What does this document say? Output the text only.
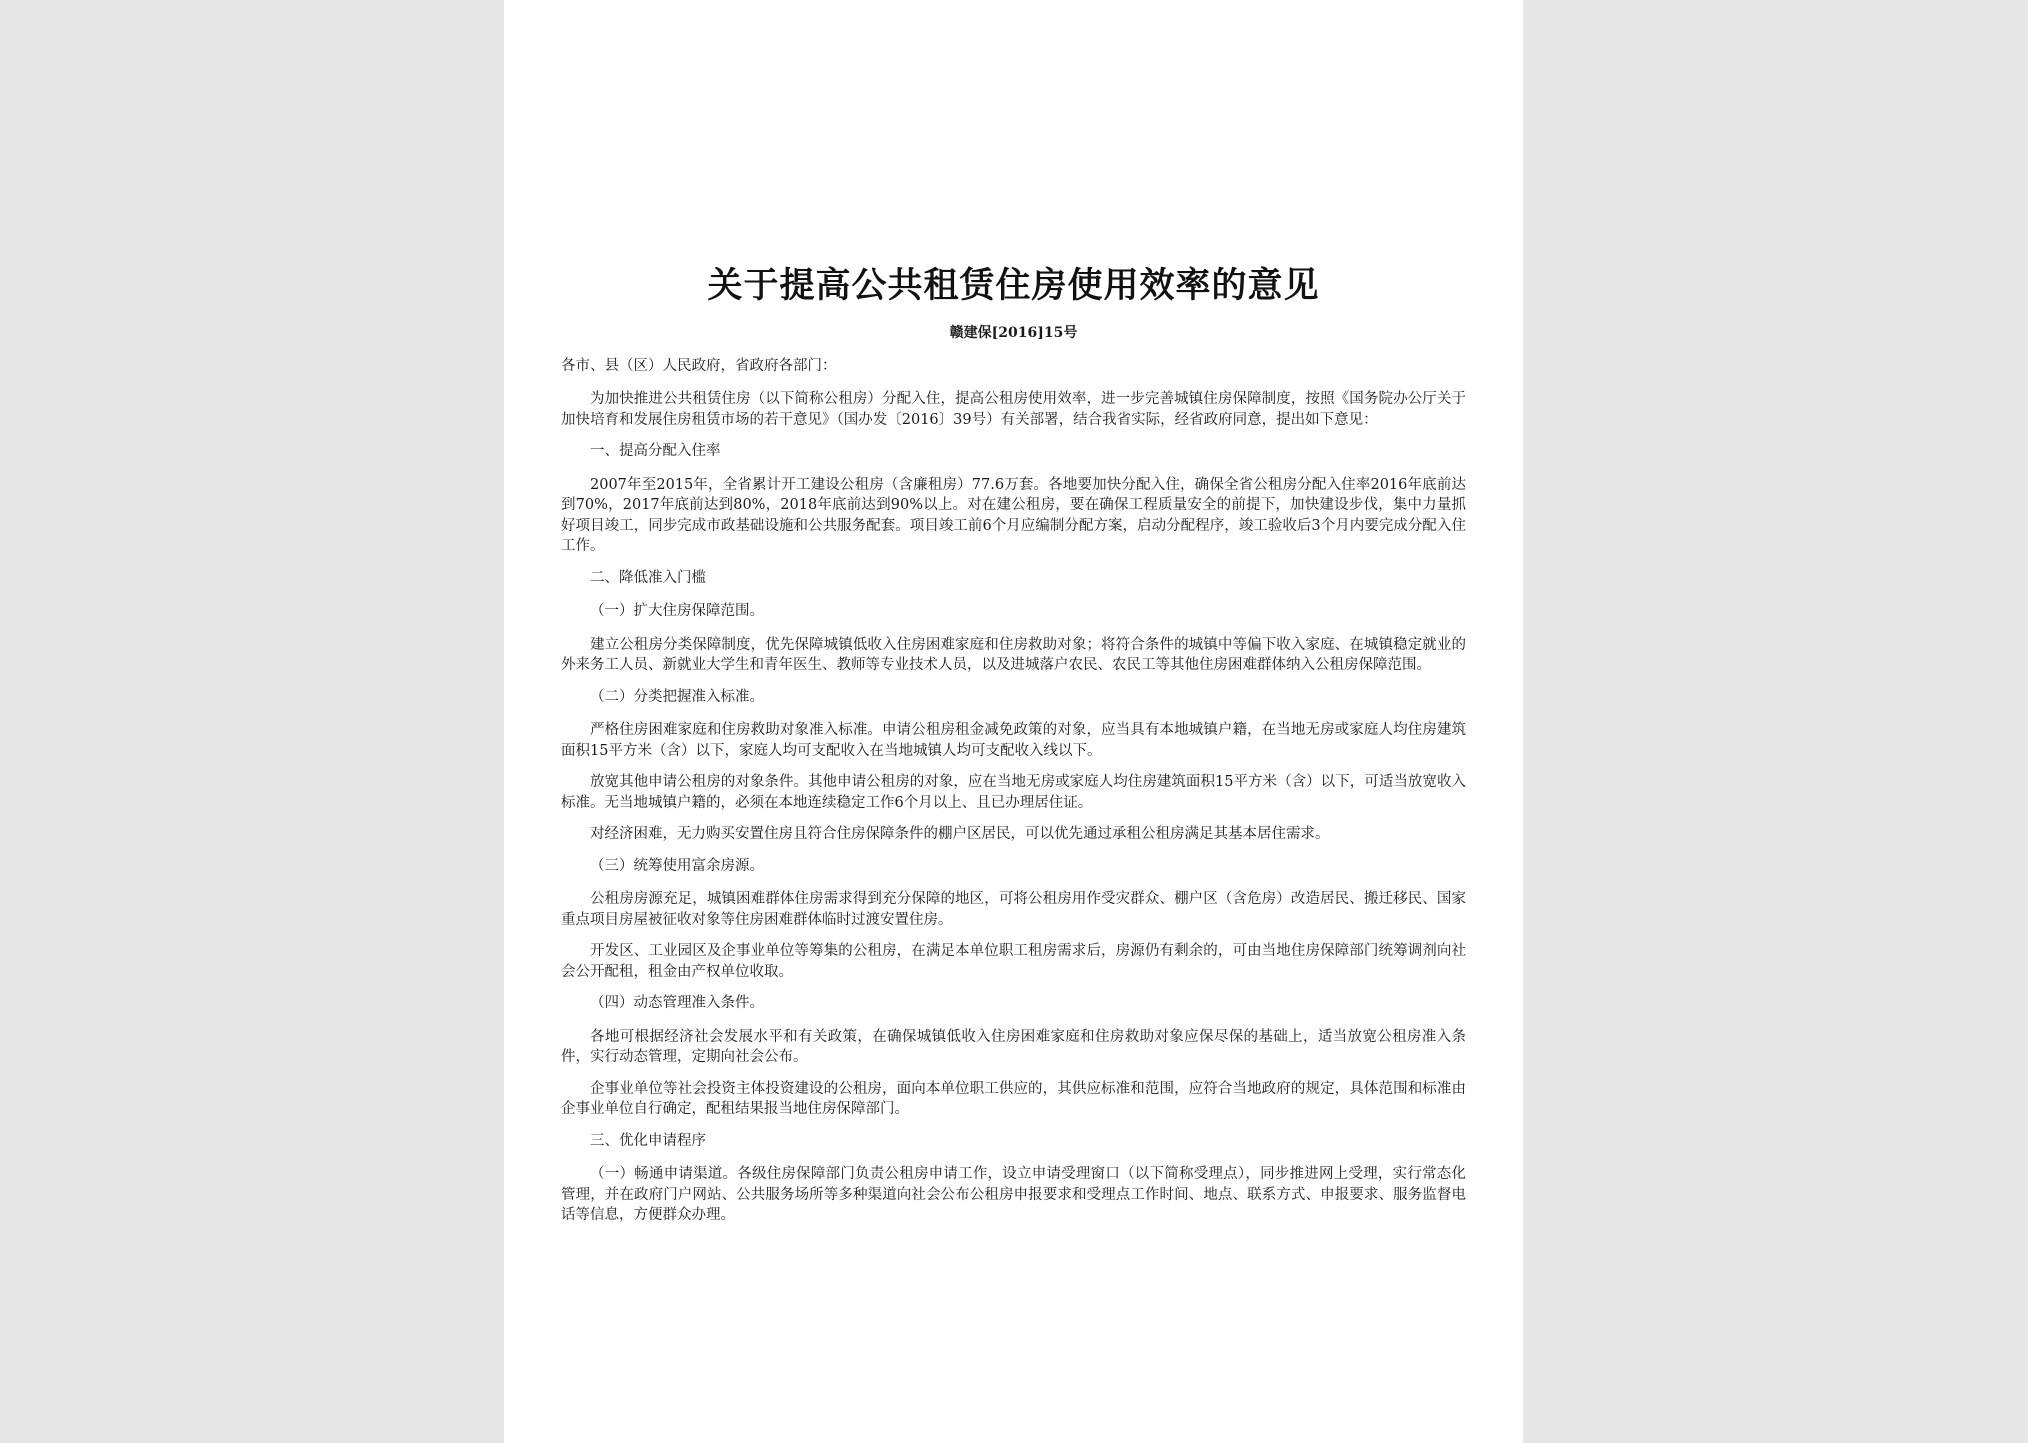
关于提高公共租赁住房使用效率的意见
赣建保[2016]15号

各市、县（区）人民政府，省政府各部门：

为加快推进公共租赁住房（以下简称公租房）分配入住，提高公租房使用效率，进一步完善城镇住房保障制度，按照《国务院办公厅关于加快培育和发展住房租赁市场的若干意见》（国办发〔2016〕39号）有关部署，结合我省实际，经省政府同意，提出如下意见：

一、提高分配入住率

2007年至2015年，全省累计开工建设公租房（含廉租房）77.6万套。各地要加快分配入住，确保全省公租房分配入住率2016年底前达到70%，2017年底前达到80%，2018年底前达到90%以上。对在建公租房，要在确保工程质量安全的前提下，加快建设步伐，集中力量抓好项目竣工，同步完成市政基础设施和公共服务配套。项目竣工前6个月应编制分配方案，启动分配程序，竣工验收后3个月内要完成分配入住工作。

二、降低准入门槛

（一）扩大住房保障范围。

建立公租房分类保障制度，优先保障城镇低收入住房困难家庭和住房救助对象；将符合条件的城镇中等偏下收入家庭、在城镇稳定就业的外来务工人员、新就业大学生和青年医生、教师等专业技术人员，以及进城落户农民、农民工等其他住房困难群体纳入公租房保障范围。

（二）分类把握准入标准。

严格住房困难家庭和住房救助对象准入标准。申请公租房租金减免政策的对象，应当具有本地城镇户籍，在当地无房或家庭人均住房建筑面积15平方米（含）以下，家庭人均可支配收入在当地城镇人均可支配收入线以下。

放宽其他申请公租房的对象条件。其他申请公租房的对象，应在当地无房或家庭人均住房建筑面积15平方米（含）以下，可适当放宽收入标准。无当地城镇户籍的，必须在本地连续稳定工作6个月以上、且已办理居住证。

对经济困难，无力购买安置住房且符合住房保障条件的棚户区居民，可以优先通过承租公租房满足其基本居住需求。

（三）统筹使用富余房源。

公租房房源充足，城镇困难群体住房需求得到充分保障的地区，可将公租房用作受灾群众、棚户区（含危房）改造居民、搬迁移民、国家重点项目房屋被征收对象等住房困难群体临时过渡安置住房。

开发区、工业园区及企事业单位等筹集的公租房，在满足本单位职工租房需求后，房源仍有剩余的，可由当地住房保障部门统筹调剂向社会公开配租，租金由产权单位收取。

（四）动态管理准入条件。

各地可根据经济社会发展水平和有关政策，在确保城镇低收入住房困难家庭和住房救助对象应保尽保的基础上，适当放宽公租房准入条件，实行动态管理，定期向社会公布。

企事业单位等社会投资主体投资建设的公租房，面向本单位职工供应的，其供应标准和范围，应符合当地政府的规定，具体范围和标准由企事业单位自行确定，配租结果报当地住房保障部门。

三、优化申请程序

（一）畅通申请渠道。各级住房保障部门负责公租房申请工作，设立申请受理窗口（以下简称受理点），同步推进网上受理，实行常态化管理，并在政府门户网站、公共服务场所等多种渠道向社会公布公租房申报要求和受理点工作时间、地点、联系方式、申报要求、服务监督电话等信息，方便群众办理。
